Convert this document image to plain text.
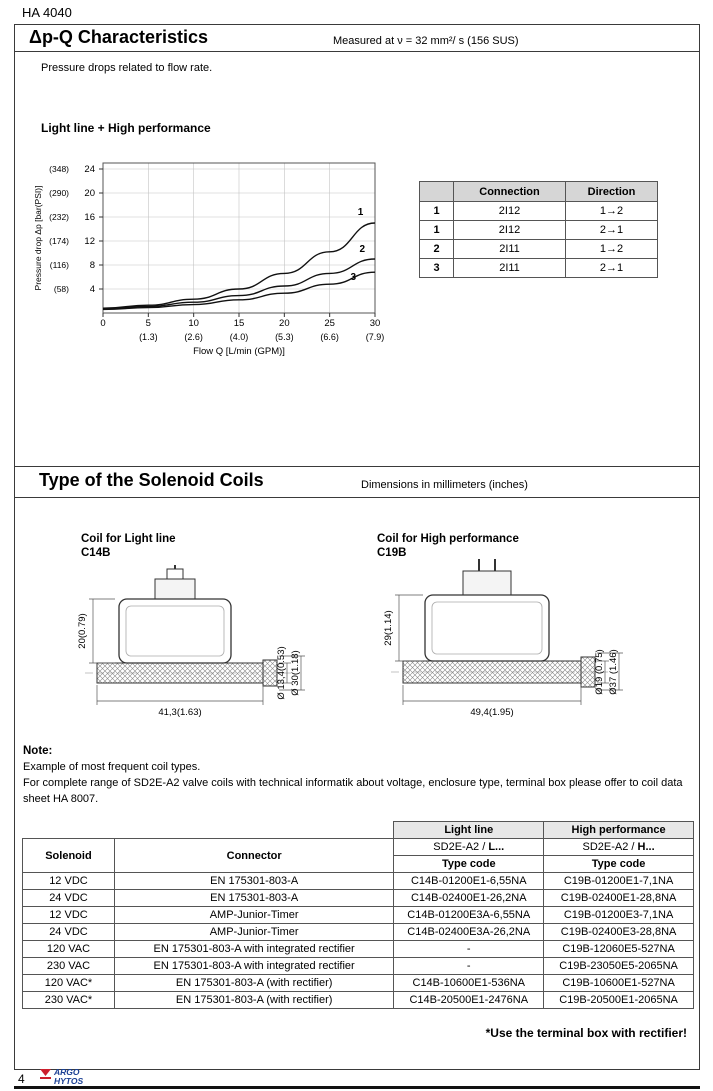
HA 4040
Δp-Q Characteristics	Measured at ν = 32 mm²/ s (156 SUS)
Pressure drops related to flow rate.
Light line + High performance
(58) 4
(116) 8
(174) 12
(232) 16
(290) 20
(348) 24
0	5	10	15	20	25	30
(1.3)	(2.6)	(4.0)	(5.3)	(6.6)	(7.9)
Flow Q [L/min (GPM)]
Pressure drop Δp [bar(PSI)]	1
2
3
	Connection	Direction
1	2I12	1→2
1	2I12	2→1
2	2I11	1→2
3	2I11	2→1
Type of the Solenoid Coils	Dimensions in millimeters (inches)
Coil for Light line
C14B
Coil for High performance
C19B
20(0.79)
Ø 13,4(0.53) Ø 30(1.18)
41,3(1.63)
29(1.14)
Ø19 (0.75) Ø37 (1.46)
49,4(1.95)
Note:
Example of most frequent coil types.
For complete range of SD2E-A2 valve coils with technical informatik about voltage, enclosure type, terminal box please offer to coil data sheet HA 8007.
		Light line	High performance
Solenoid	Connector	SD2E-A2 / L...	SD2E-A2 / H...
		Type code	Type code
12 VDC	EN 175301-803-A	C14B-01200E1-6,55NA	C19B-01200E1-7,1NA
24 VDC	EN 175301-803-A	C14B-02400E1-26,2NA	C19B-02400E1-28,8NA
12 VDC	AMP-Junior-Timer	C14B-01200E3A-6,55NA	C19B-01200E3-7,1NA
24 VDC	AMP-Junior-Timer	C14B-02400E3A-26,2NA	C19B-02400E3-28,8NA
120 VAC	EN 175301-803-A with integrated rectifier	-	C19B-12060E5-527NA
230 VAC	EN 175301-803-A with integrated rectifier	-	C19B-23050E5-2065NA
120 VAC*	EN 175301-803-A (with rectifier)	C14B-10600E1-536NA	C19B-10600E1-527NA
230 VAC*	EN 175301-803-A (with rectifier)	C14B-20500E1-2476NA	C19B-20500E1-2065NA
*Use the terminal box with rectifier!
4	ARGO
HYTOS
